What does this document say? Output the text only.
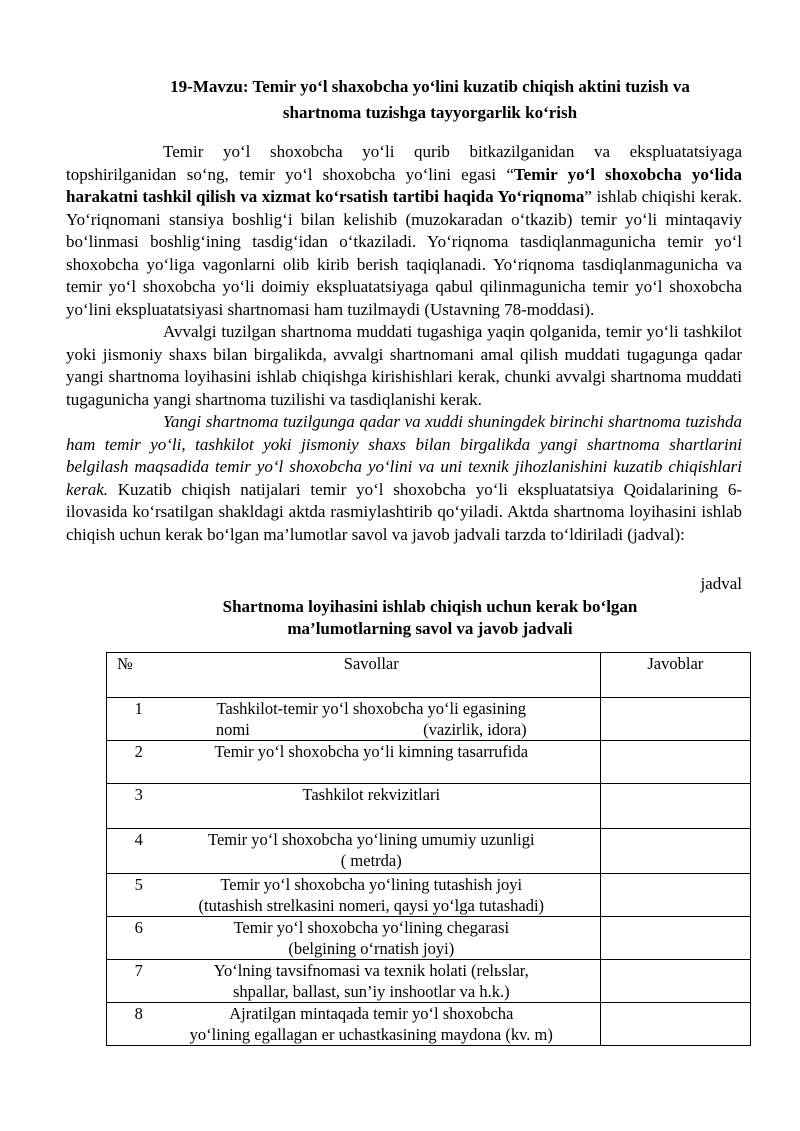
19-Mavzu: Temir yo‘l shaxobcha yo‘lini kuzatib chiqish aktini tuzish va
shartnoma tuzishga tayyorgarlik ko‘rish

Temir yo‘l shoxobcha yo‘li qurib bitkazilganidan va ekspluatatsiyaga topshirilganidan so‘ng, temir yo‘l shoxobcha yo‘lini egasi “Temir yo‘l shoxobcha yo‘lida harakatni tashkil qilish va xizmat ko‘rsatish tartibi haqida Yo‘riqnoma” ishlab chiqishi kerak. Yo‘riqnomani stansiya boshlig‘i bilan kelishib (muzokaradan o‘tkazib) temir yo‘li mintaqaviy bo‘linmasi boshlig‘ining tasdig‘idan o‘tkaziladi. Yo‘riqnoma tasdiqlanmagunicha temir yo‘l shoxobcha yo‘liga vagonlarni olib kirib berish taqiqlanadi. Yo‘riqnoma tasdiqlanmagunicha va temir yo‘l shoxobcha yo‘li doimiy ekspluatatsiyaga qabul qilinmagunicha temir yo‘l shoxobcha yo‘lini ekspluatatsiyasi shartnomasi ham tuzilmaydi (Ustavning 78-moddasi).

Avvalgi tuzilgan shartnoma muddati tugashiga yaqin qolganida, temir yo‘li tashkilot yoki jismoniy shaxs bilan birgalikda, avvalgi shartnomani amal qilish muddati tugagunga qadar yangi shartnoma loyihasini ishlab chiqishga kirishishlari kerak, chunki avvalgi shartnoma muddati tugagunicha yangi shartnoma tuzilishi va tasdiqlanishi kerak.

Yangi shartnoma tuzilgunga qadar va xuddi shuningdek birinchi shartnoma tuzishda ham temir yo‘li, tashkilot yoki jismoniy shaxs bilan birgalikda yangi shartnoma shartlarini belgilash maqsadida temir yo‘l shoxobcha yo‘lini va uni texnik jihozlanishini kuzatib chiqishlari kerak. Kuzatib chiqish natijalari temir yo‘l shoxobcha yo‘li ekspluatatsiya Qoidalarining 6-ilovasida ko‘rsatilgan shakldagi aktda rasmiylashtirib qo‘yiladi. Aktda shartnoma loyihasini ishlab chiqish uchun kerak bo‘lgan ma’lumotlar savol va javob jadvali tarzda to‘ldiriladi (jadval):

jadval
Shartnoma loyihasini ishlab chiqish uchun kerak bo‘lgan
ma’lumotlarning savol va javob jadvali
№	Savollar	Javoblar
1	Tashkilot-temir yo‘l shoxobcha yo‘li egasining
nomi                                          (vazirlik, idora)	

2	Temir yo‘l shoxobcha yo‘li kimning tasarrufida	

3	Tashkilot rekvizitlari	

4	Temir yo‘l shoxobcha yo‘lining umumiy uzunligi
( metrda)	

5	Temir yo‘l shoxobcha yo‘lining tutashish joyi
(tutashish strelkasini nomeri, qaysi yo‘lga tutashadi)	

6	Temir yo‘l shoxobcha yo‘lining chegarasi
(belgining o‘rnatish joyi)	

7	Yo‘lning tavsifnomasi va texnik holati (relьslar,
shpallar, ballast, sun’iy inshootlar va h.k.)	

8	Ajratilgan mintaqada temir yo‘l shoxobcha
yo‘lining egallagan er uchastkasining maydona (kv. m)	
